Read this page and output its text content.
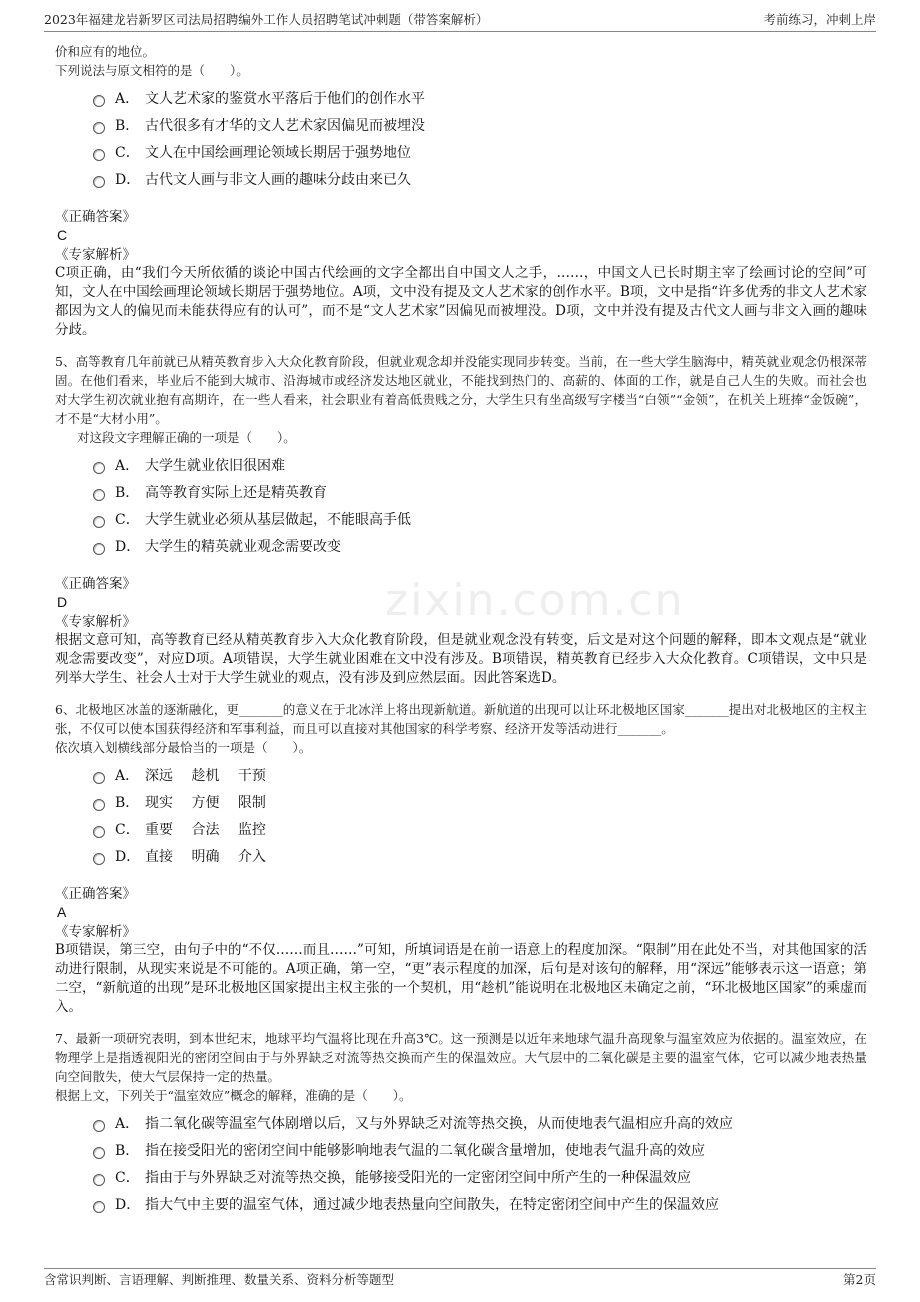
2023年福建龙岩新罗区司法局招聘编外工作人员招聘笔试冲刺题（带答案解析）	考前练习，冲刺上岸
zixin.com.cn
价和应有的地位。
下列说法与原文相符的是（　　）。
A． 文人艺术家的鉴赏水平落后于他们的创作水平
B． 古代很多有才华的文人艺术家因偏见而被埋没
C． 文人在中国绘画理论领域长期居于强势地位
D． 古代文人画与非文人画的趣味分歧由来已久
《正确答案》
C
《专家解析》
C项正确，由“我们今天所依循的谈论中国古代绘画的文字全都出自中国文人之手，……，中国文人已长时期主宰了绘画讨论的空间”可知，文人在中国绘画理论领域长期居于强势地位。A项，文中没有提及文人艺术家的创作水平。B项，文中是指“许多优秀的非文人艺术家都因为文人的偏见而未能获得应有的认可”，而不是“文人艺术家”因偏见而被埋没。D项，文中并没有提及古代文人画与非文入画的趣味分歧。
5、高等教育几年前就已从精英教育步入大众化教育阶段，但就业观念却并没能实现同步转变。当前，在一些大学生脑海中，精英就业观念仍根深蒂固。在他们看来，毕业后不能到大城市、沿海城市或经济发达地区就业，不能找到热门的、高薪的、体面的工作，就是自己人生的失败。而社会也对大学生初次就业抱有高期许，在一些人看来，社会职业有着高低贵贱之分，大学生只有坐高级写字楼当“白领”“金领”，在机关上班捧“金饭碗”，才不是“大材小用”。
对这段文字理解正确的一项是（　　）。
A． 大学生就业依旧很困难
B． 高等教育实际上还是精英教育
C． 大学生就业必须从基层做起，不能眼高手低
D． 大学生的精英就业观念需要改变
《正确答案》
D
《专家解析》
根据文意可知，高等教育已经从精英教育步入大众化教育阶段，但是就业观念没有转变，后文是对这个问题的解释，即本文观点是“就业观念需要改变”，对应D项。A项错误，大学生就业困难在文中没有涉及。B项错误，精英教育已经步入大众化教育。C项错误，文中只是列举大学生、社会人士对于大学生就业的观点，没有涉及到应然层面。因此答案选D。
6、北极地区冰盖的逐渐融化，更_______的意义在于北冰洋上将出现新航道。新航道的出现可以让环北极地区国家_______提出对北极地区的主权主张，不仅可以使本国获得经济和军事利益，而且可以直接对其他国家的科学考察、经济开发等活动进行_______。
依次填入划横线部分最恰当的一项是（　　）。
A． 深远　 趁机　 干预
B． 现实　 方便　 限制
C． 重要　 合法　 监控
D． 直接　 明确　 介入
《正确答案》
A
《专家解析》
B项错误，第三空，由句子中的“不仅……而且……”可知，所填词语是在前一语意上的程度加深。“限制”用在此处不当，对其他国家的活动进行限制，从现实来说是不可能的。A项正确，第一空，“更”表示程度的加深，后句是对该句的解释，用“深远”能够表示这一语意；第二空，“新航道的出现”是环北极地区国家提出主权主张的一个契机，用“趁机”能说明在北极地区未确定之前，“环北极地区国家”的乘虚而入。
7、最新一项研究表明，到本世纪末，地球平均气温将比现在升高3℃。这一预测是以近年来地球气温升高现象与温室效应为依据的。温室效应，在物理学上是指透视阳光的密闭空间由于与外界缺乏对流等热交换而产生的保温效应。大气层中的二氧化碳是主要的温室气体，它可以减少地表热量向空间散失，使大气层保持一定的热量。
根据上文，下列关于“温室效应”概念的解释，准确的是（　　）。
A． 指二氧化碳等温室气体剧增以后，又与外界缺乏对流等热交换，从而使地表气温相应升高的效应
B． 指在接受阳光的密闭空间中能够影响地表气温的二氧化碳含量增加，使地表气温升高的效应
C． 指由于与外界缺乏对流等热交换，能够接受阳光的一定密闭空间中所产生的一种保温效应
D． 指大气中主要的温室气体，通过减少地表热量向空间散失，在特定密闭空间中产生的保温效应
含常识判断、言语理解、判断推理、数量关系、资料分析等题型	第2页
